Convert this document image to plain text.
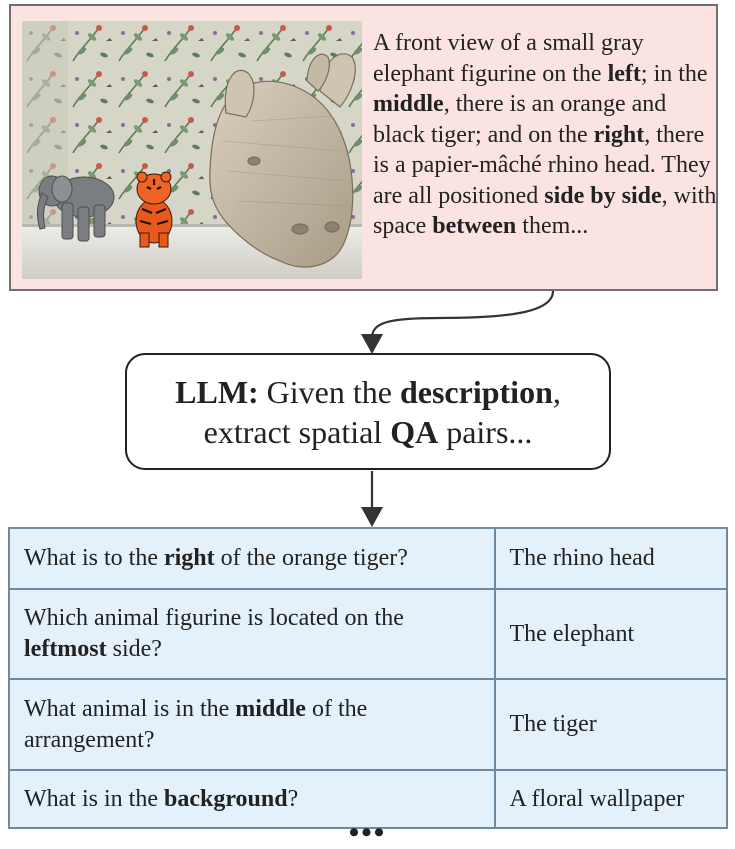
A front view of a small gray elephant figurine on the left; in the middle, there is an orange and black tiger; and on the right, there is a papier-mâché rhino head. They are all positioned side by side, with space between them...
LLM: Given the description,
extract spatial QA pairs...
What is to the right of the orange tiger?	The rhino head
Which animal figurine is located on the leftmost side?	The elephant
What animal is in the middle of the arrangement?	The tiger
What is in the background?	A floral wallpaper
•••
